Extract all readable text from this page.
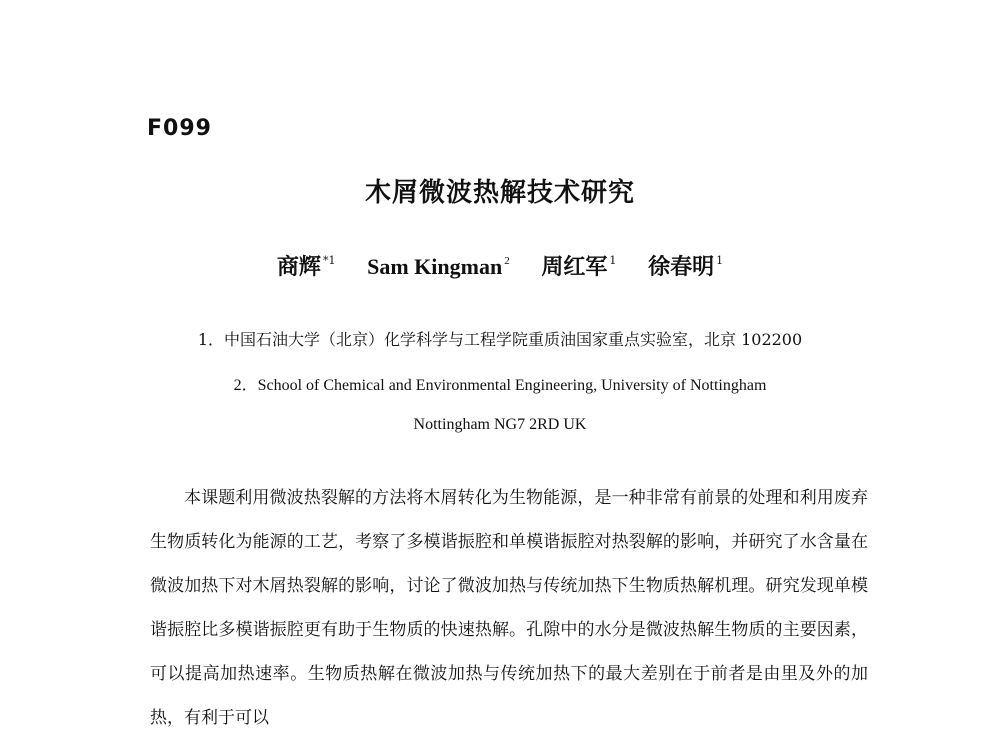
F099
木屑微波热解技术研究
商辉 $^{*1}$ Sam Kingman $^2$ 周红军 $^1$ 徐春明 $^1$
1．中国石油大学（北京）化学科学与工程学院重质油国家重点实验室，北京 102200
2．School of Chemical and Environmental Engineering, University of Nottingham
Nottingham NG7 2RD UK

本课题利用微波热裂解的方法将木屑转化为生物能源，是一种非常有前景的处理和利用废弃生物质转化为能源的工艺，考察了多模谐振腔和单模谐振腔对热裂解的影响，并研究了水含量在微波加热下对木屑热裂解的影响，讨论了微波加热与传统加热下生物质热解机理。研究发现单模谐振腔比多模谐振腔更有助于生物质的快速热解。孔隙中的水分是微波热解生物质的主要因素，可以提高加热速率。生物质热解在微波加热与传统加热下的最大差别在于前者是由里及外的加热，有利于可以
